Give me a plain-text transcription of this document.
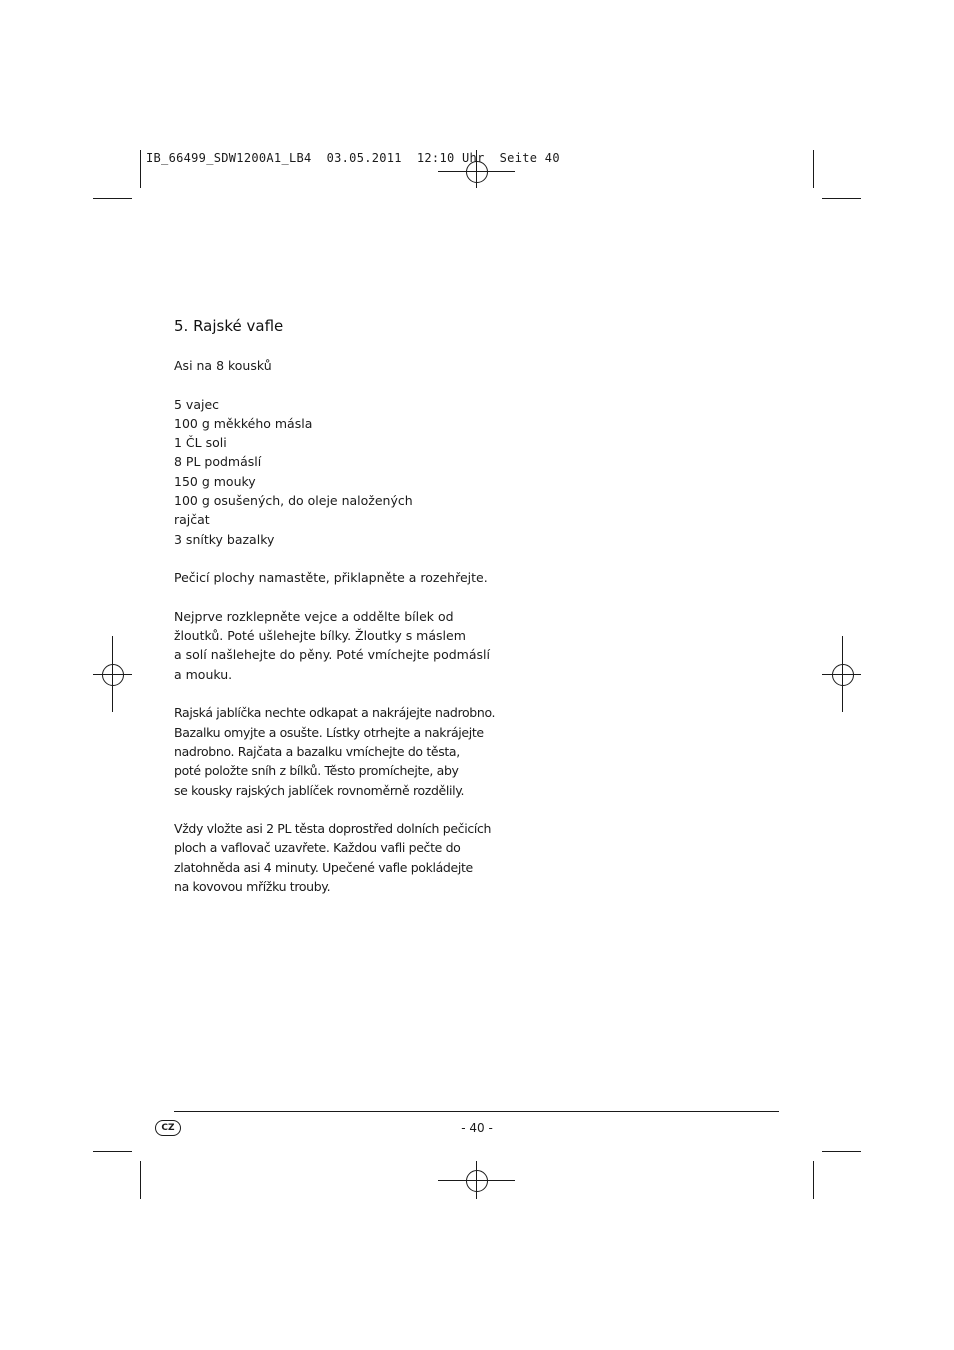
IB_66499_SDW1200A1_LB4  03.05.2011  12:10 Uhr  Seite 40
5. Rajské vafle

Asi na 8 kousků

5 vajec
100 g měkkého másla
1 ČL soli
8 PL podmáslí
150 g mouky
100 g osušených, do oleje naložených
rajčat
3 snítky bazalky

Pečicí plochy namastěte, přiklapněte a rozehřejte.

Nejprve rozklepněte vejce a oddělte bílek od
žloutků. Poté ušlehejte bílky. Žloutky s máslem
a solí našlehejte do pěny. Poté vmíchejte podmáslí
a mouku.

Rajská jablíčka nechte odkapat a nakrájejte nadrobno.
Bazalku omyjte a osušte. Lístky otrhejte a nakrájejte
nadrobno. Rajčata a bazalku vmíchejte do těsta,
poté položte sníh z bílků. Těsto promíchejte, aby
se kousky rajských jablíček rovnoměrně rozdělily.

Vždy vložte asi 2 PL těsta doprostřed dolních pečicích
ploch a vaflovač uzavřete. Každou vafli pečte do
zlatohněda asi 4 minuty. Upečené vafle pokládejte
na kovovou mřížku trouby.

CZ	- 40 -
